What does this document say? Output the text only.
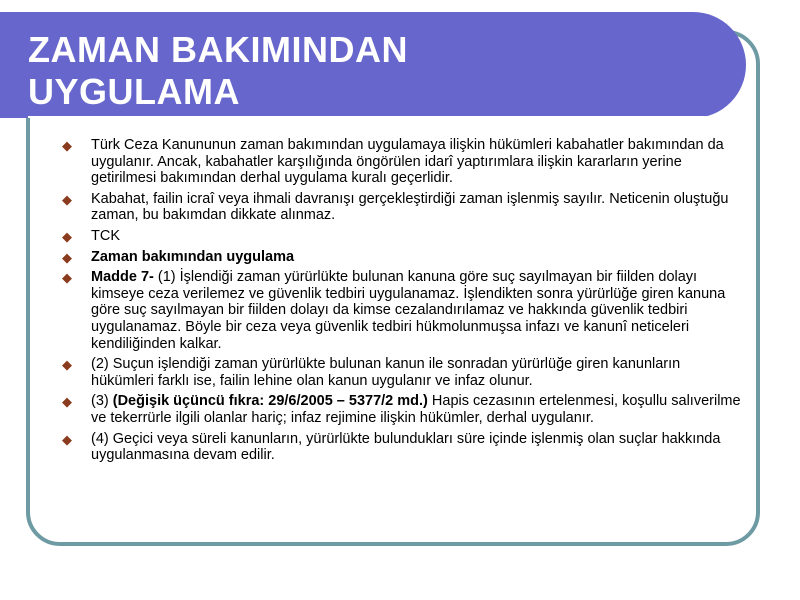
ZAMAN BAKIMINDAN
UYGULAMA
◆ Türk Ceza Kanununun zaman bakımından uygulamaya ilişkin hükümleri kabahatler bakımından da uygulanır. Ancak, kabahatler karşılığında öngörülen idarî yaptırımlara ilişkin kararların yerine getirilmesi bakımından derhal uygulama kuralı geçerlidir.
◆ Kabahat, failin icraî veya ihmali davranışı gerçekleştirdiği zaman işlenmiş sayılır. Neticenin oluştuğu zaman, bu bakımdan dikkate alınmaz.
◆ TCK
◆ Zaman bakımından uygulama
◆ Madde 7- (1) İşlendiği zaman yürürlükte bulunan kanuna göre suç sayılmayan bir fiilden dolayı kimseye ceza verilemez ve güvenlik tedbiri uygulanamaz. İşlendikten sonra yürürlüğe giren kanuna göre suç sayılmayan bir fiilden dolayı da kimse cezalandırılamaz ve hakkında güvenlik tedbiri uygulanamaz. Böyle bir ceza veya güvenlik tedbiri hükmolunmuşsa infazı ve kanunî neticeleri kendiliğinden kalkar.
◆ (2) Suçun işlendiği zaman yürürlükte bulunan kanun ile sonradan yürürlüğe giren kanunların hükümleri farklı ise, failin lehine olan kanun uygulanır ve infaz olunur.
◆ (3) (Değişik üçüncü fıkra: 29/6/2005 – 5377/2 md.) Hapis cezasının ertelenmesi, koşullu salıverilme ve tekerrürle ilgili olanlar hariç; infaz rejimine ilişkin hükümler, derhal uygulanır.
◆ (4) Geçici veya süreli kanunların, yürürlükte bulundukları süre içinde işlenmiş olan suçlar hakkında uygulanmasına devam edilir.
